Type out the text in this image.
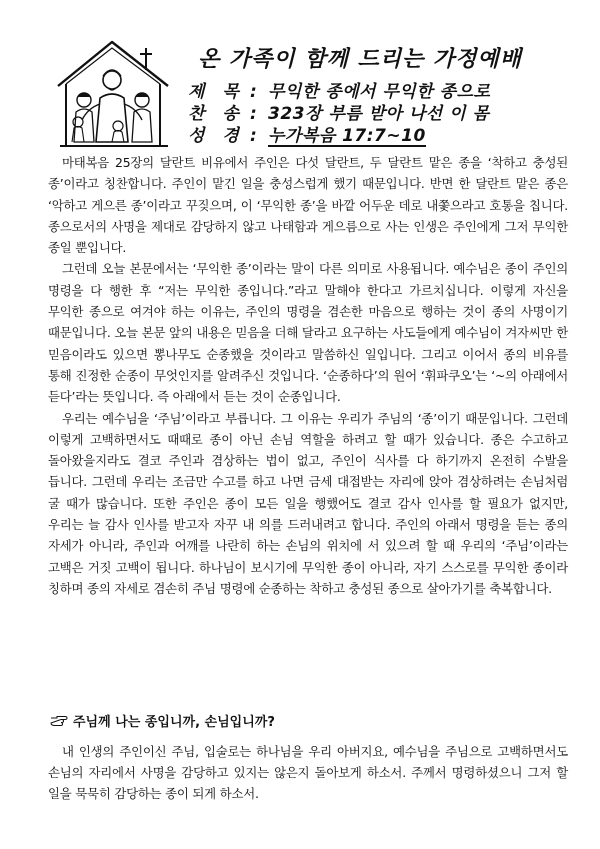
온 가족이 함께 드리는 가정예배
제 목 : 무익한 종에서 무익한 종으로
찬 송 : 323장 부름 받아 나선 이 몸
성 경 : 누가복음 17:7~10

마태복음 25장의 달란트 비유에서 주인은 다섯 달란트, 두 달란트 맡은 종을 ‘착하고 충성된 종’이라고 칭찬합니다. 주인이 맡긴 일을 충성스럽게 했기 때문입니다. 반면 한 달란트 맡은 종은 ‘악하고 게으른 종’이라고 꾸짖으며, 이 ‘무익한 종’을 바깥 어두운 데로 내쫓으라고 호통을 칩니다. 종으로서의 사명을 제대로 감당하지 않고 나태함과 게으름으로 사는 인생은 주인에게 그저 무익한 종일 뿐입니다.

그런데 오늘 본문에서는 ‘무익한 종’이라는 말이 다른 의미로 사용됩니다. 예수님은 종이 주인의 명령을 다 행한 후 “저는 무익한 종입니다.”라고 말해야 한다고 가르치십니다. 이렇게 자신을 무익한 종으로 여겨야 하는 이유는, 주인의 명령을 겸손한 마음으로 행하는 것이 종의 사명이기 때문입니다. 오늘 본문 앞의 내용은 믿음을 더해 달라고 요구하는 사도들에게 예수님이 겨자씨만 한 믿음이라도 있으면 뽕나무도 순종했을 것이라고 말씀하신 일입니다. 그리고 이어서 종의 비유를 통해 진정한 순종이 무엇인지를 알려주신 것입니다. ‘순종하다’의 원어 ‘휘파쿠오’는 ‘~의 아래에서 듣다’라는 뜻입니다. 즉 아래에서 듣는 것이 순종입니다.

우리는 예수님을 ‘주님’이라고 부릅니다. 그 이유는 우리가 주님의 ‘종’이기 때문입니다. 그런데 이렇게 고백하면서도 때때로 종이 아닌 손님 역할을 하려고 할 때가 있습니다. 종은 수고하고 돌아왔을지라도 결코 주인과 겸상하는 법이 없고, 주인이 식사를 다 하기까지 온전히 수발을 듭니다. 그런데 우리는 조금만 수고를 하고 나면 금세 대접받는 자리에 앉아 겸상하려는 손님처럼 굴 때가 많습니다. 또한 주인은 종이 모든 일을 행했어도 결코 감사 인사를 할 필요가 없지만, 우리는 늘 감사 인사를 받고자 자꾸 내 의를 드러내려고 합니다. 주인의 아래서 명령을 듣는 종의 자세가 아니라, 주인과 어깨를 나란히 하는 손님의 위치에 서 있으려 할 때 우리의 ‘주님’이라는 고백은 거짓 고백이 됩니다. 하나님이 보시기에 무익한 종이 아니라, 자기 스스로를 무익한 종이라 칭하며 종의 자세로 겸손히 주님 명령에 순종하는 착하고 충성된 종으로 살아가기를 축복합니다.

주님께 나는 종입니까, 손님입니까?

내 인생의 주인이신 주님, 입술로는 하나님을 우리 아버지요, 예수님을 주님으로 고백하면서도 손님의 자리에서 사명을 감당하고 있지는 않은지 돌아보게 하소서. 주께서 명령하셨으니 그저 할 일을 묵묵히 감당하는 종이 되게 하소서.
